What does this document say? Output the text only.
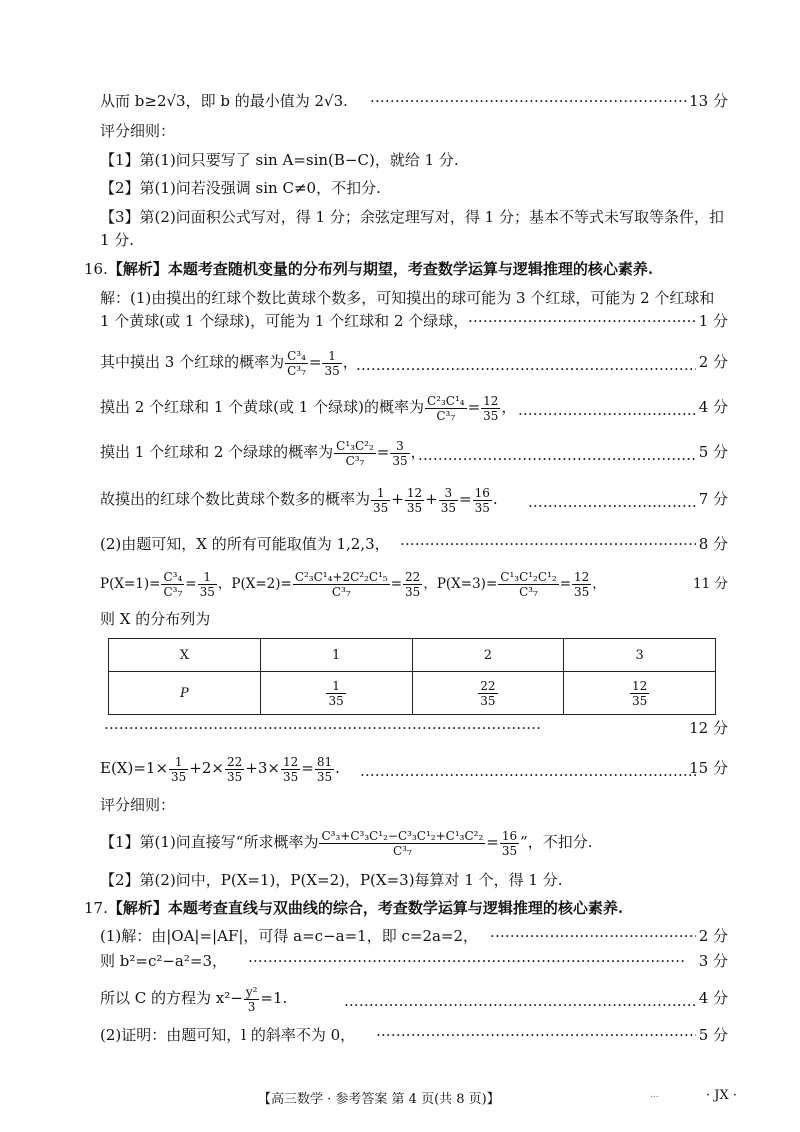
从而 b≥2√3，即 b 的最小值为 2√3. ·····	13 分
评分细则：
【1】第(1)问只要写了 sin A=sin(B−C)，就给 1 分.
【2】第(1)问若没强调 sin C≠0，不扣分.
【3】第(2)问面积公式写对，得 1 分；余弦定理写对，得 1 分；基本不等式未写取等条件，扣
1 分.
16.【解析】本题考查随机变量的分布列与期望，考查数学运算与逻辑推理的核心素养.
解：(1)由摸出的红球个数比黄球个数多，可知摸出的球可能为 3 个红球，可能为 2 个红球和
1 个黄球(或 1 个绿球)，可能为 1 个红球和 2 个绿球， ·····	1 分
其中摸出 3 个红球的概率为 $\frac{\text{C³₄}}{\text{C³₇}} = \frac{1}{35}$ ， ·····	2 分
摸出 2 个红球和 1 个黄球(或 1 个绿球)的概率为 $\frac{\text{C²₃C¹₄}}{\text{C³₇}} = \frac{12}{35}$ ， ·····	4 分
摸出 1 个红球和 2 个绿球的概率为 $\frac{\text{C¹₃C²₂}}{\text{C³₇}} = \frac{3}{35}$ ， ·····	5 分
故摸出的红球个数比黄球个数多的概率为 $\frac{1}{35} + \frac{12}{35} + \frac{3}{35} = \frac{16}{35}$ . ·····	7 分
(2)由题可知，X 的所有可能取值为 1,2,3， ·····	8 分
$P(X=1)= \frac{\text{C³₄}}{\text{C³₇}} = \frac{1}{35}$ ，$P(X=2)= \frac{\text{C²₃C¹₄+2C²₂C¹₅}}{\text{C³₇}} = \frac{22}{35}$ ，$P(X=3)= \frac{\text{C¹₃C¹₂C¹₂}}{\text{C³₇}} = \frac{12}{35}$ ，	11 分
则 X 的分布列为
X	1	2	3
P	$\frac{1}{35}$	$\frac{22}{35}$	$\frac{12}{35}$
·····
12 分
$E(X)=1\times \frac{1}{35} +2\times \frac{22}{35} +3\times \frac{12}{35} = \frac{81}{35}$ . ·····	15 分
评分细则：
【1】第(1)问直接写“所求概率为 $\frac{\text{C³₃+C³₃C¹₂−C³₃C¹₂+C¹₃C²₂}}{\text{C³₇}} = \frac{16}{35}$ ”，不扣分.
【2】第(2)问中，P(X=1)，P(X=2)，P(X=3)每算对 1 个，得 1 分.
17.【解析】本题考查直线与双曲线的综合，考查数学运算与逻辑推理的核心素养.
(1)解：由|OA|=|AF|，可得 a=c−a=1，即 c=2a=2， ·····	2 分
则 b²=c²−a²=3， ·····	3 分
所以 C 的方程为 $x^2- \frac{\text{y²}}{3} =1$. ·····	4 分
(2)证明：由题可知，l 的斜率不为 0， ·····	5 分
【高三数学 · 参考答案 第 4 页(共 8 页)】	...	· JX ·
